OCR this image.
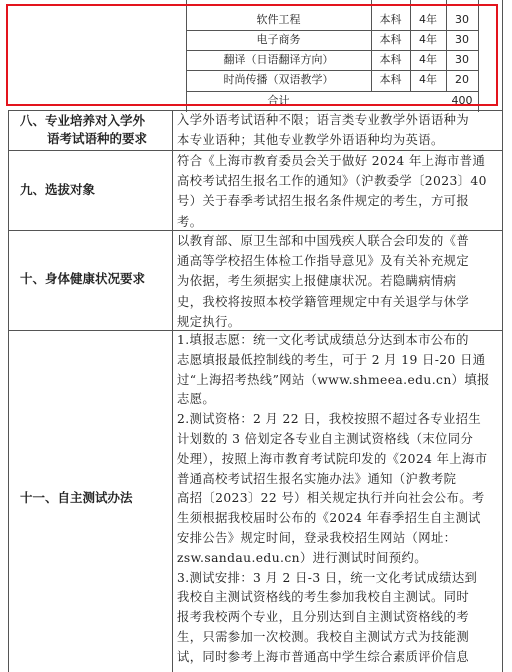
软件工程	本科	4年	30
电子商务	本科	4年	30
翻译（日语翻译方向）	本科	4年	30
时尚传播（双语教学）	本科	4年	20
合计	400
八、专业培养对入学外
语考试语种的要求

入学外语考试语种不限；语言类专业教学外语语种为

本专业语种；其他专业教学外语语种均为英语。

九、选拔对象

符合《上海市教育委员会关于做好 2024 年上海市普通

高校考试招生报名工作的通知》（沪教委学〔2023〕40

号）关于春季考试招生报名条件规定的考生，方可报

考。

十、身体健康状况要求

以教育部、原卫生部和中国残疾人联合会印发的《普

通高等学校招生体检工作指导意见》及有关补充规定

为依据，考生须据实上报健康状况。若隐瞒病情病

史，我校将按照本校学籍管理规定中有关退学与休学

规定执行。

十一、自主测试办法

1.填报志愿：统一文化考试成绩总分达到本市公布的

志愿填报最低控制线的考生，可于 2 月 19 日-20 日通

过“上海招考热线”网站（www.shmeea.edu.cn）填报

志愿。

2.测试资格：2 月 22 日，我校按照不超过各专业招生

计划数的 3 倍划定各专业自主测试资格线（末位同分

处理），按照上海市教育考试院印发的《2024 年上海市

普通高校考试招生报名实施办法》通知（沪教考院

高招〔2023〕22 号）相关规定执行并向社会公布。考

生须根据我校届时公布的《2024 年春季招生自主测试

安排公告》规定时间，登录我校招生网站（网址：

zsw.sandau.edu.cn）进行测试时间预约。

3.测试安排：3 月 2 日-3 日，统一文化考试成绩达到

我校自主测试资格线的考生参加我校自主测试。同时

报考我校两个专业，且分别达到自主测试资格线的考

生，只需参加一次校测。我校自主测试方式为技能测

试，同时参考上海市普通高中学生综合素质评价信息
